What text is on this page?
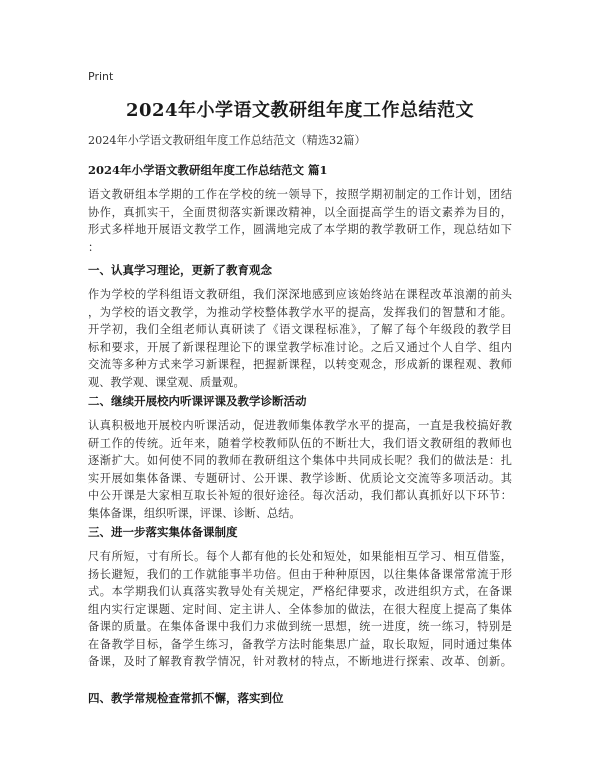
Print
2024年小学语文教研组年度工作总结范文
2024年小学语文教研组年度工作总结范文（精选32篇）
2024年小学语文教研组年度工作总结范文 篇1
语文教研组本学期的工作在学校的统一领导下，按照学期初制定的工作计划，团结
协作，真抓实干，全面贯彻落实新课改精神，以全面提高学生的语文素养为目的，
形式多样地开展语文教学工作，圆满地完成了本学期的教学教研工作，现总结如下
：
一、认真学习理论，更新了教育观念
作为学校的学科组语文教研组，我们深深地感到应该始终站在课程改革浪潮的前头
，为学校的语文教学，为推动学校整体教学水平的提高，发挥我们的智慧和才能。
开学初，我们全组老师认真研读了《语文课程标准》，了解了每个年级段的教学目
标和要求，开展了新课程理论下的课堂教学标准讨论。之后又通过个人自学、组内
交流等多种方式来学习新课程，把握新课程，以转变观念，形成新的课程观、教师
观、教学观、课堂观、质量观。
二、继续开展校内听课评课及教学诊断活动
认真积极地开展校内听课活动，促进教师集体教学水平的提高，一直是我校搞好教
研工作的传统。近年来，随着学校教师队伍的不断壮大，我们语文教研组的教师也
逐渐扩大。如何使不同的教师在教研组这个集体中共同成长呢？我们的做法是：扎
实开展如集体备课、专题研讨、公开课、教学诊断、优质论文交流等多项活动。其
中公开课是大家相互取长补短的很好途径。每次活动，我们都认真抓好以下环节：
集体备课，组织听课，评课、诊断、总结。
三、进一步落实集体备课制度
尺有所短，寸有所长。每个人都有他的长处和短处，如果能相互学习、相互借鉴，
扬长避短，我们的工作就能事半功倍。但由于种种原因，以往集体备课常常流于形
式。本学期我们认真落实教导处有关规定，严格纪律要求，改进组织方式，在备课
组内实行定课题、定时间、定主讲人、全体参加的做法，在很大程度上提高了集体
备课的质量。在集体备课中我们力求做到统一思想，统一进度，统一练习，特别是
在备教学目标，备学生练习，备教学方法时能集思广益，取长取短，同时通过集体
备课，及时了解教育教学情况，针对教材的特点，不断地进行探索、改革、创新。
四、教学常规检查常抓不懈，落实到位
